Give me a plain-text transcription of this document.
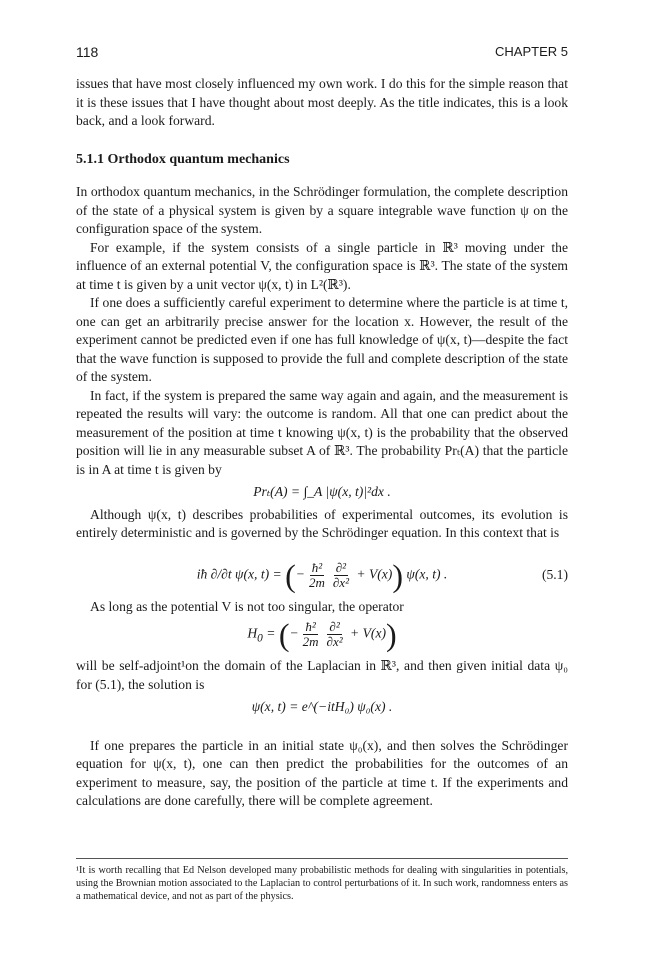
118	CHAPTER 5

issues that have most closely influenced my own work. I do this for the simple reason that it is these issues that I have thought about most deeply. As the title indicates, this is a look back, and a look forward.

5.1.1 Orthodox quantum mechanics

In orthodox quantum mechanics, in the Schrödinger formulation, the complete description of the state of a physical system is given by a square integrable wave function ψ on the configuration space of the system.

For example, if the system consists of a single particle in ℝ³ moving under the influence of an external potential V, the configuration space is ℝ³. The state of the system at time t is given by a unit vector ψ(x, t) in L²(ℝ³).

If one does a sufficiently careful experiment to determine where the particle is at time t, one can get an arbitrarily precise answer for the location x. However, the result of the experiment cannot be predicted even if one has full knowledge of ψ(x, t)—despite the fact that the wave function is supposed to provide the full and complete description of the state of the system.

In fact, if the system is prepared the same way again and again, and the measurement is repeated the results will vary: the outcome is random. All that one can predict about the measurement of the position at time t knowing ψ(x, t) is the probability that the observed position will lie in any measurable subset A of ℝ³. The probability Prₜ(A) that the particle is in A at time t is given by

Prₜ(A) = ∫_A |ψ(x, t)|²dx .

Although ψ(x, t) describes probabilities of experimental outcomes, its evolution is entirely deterministic and is governed by the Schrödinger equation. In this context that is

iħ ∂/∂t ψ(x, t) = (− $\frac{\text{ħ²}}{2m} \frac{\text{∂²}}{\text{∂x²}} + V(x)$) ψ(x, t) .	(5.1)

As long as the potential V is not too singular, the operator

$H_0$ = (− $\frac{\text{ħ²}}{2m} \frac{\text{∂²}}{\text{∂x²}} + V(x)$)

will be self-adjoint¹on the domain of the Laplacian in ℝ³, and then given initial data ψ₀ for (5.1), the solution is

ψ(x, t) = e^(−itH₀) ψ₀(x) .

If one prepares the particle in an initial state ψ₀(x), and then solves the Schrödinger equation for ψ(x, t), one can then predict the probabilities for the outcomes of an experiment to measure, say, the position of the particle at time t. If the experiments and calculations are done carefully, there will be complete agreement.

¹It is worth recalling that Ed Nelson developed many probabilistic methods for dealing with singularities in potentials, using the Brownian motion associated to the Laplacian to control perturbations of it. In such work, randomness enters as a mathematical device, and not as part of the physics.
